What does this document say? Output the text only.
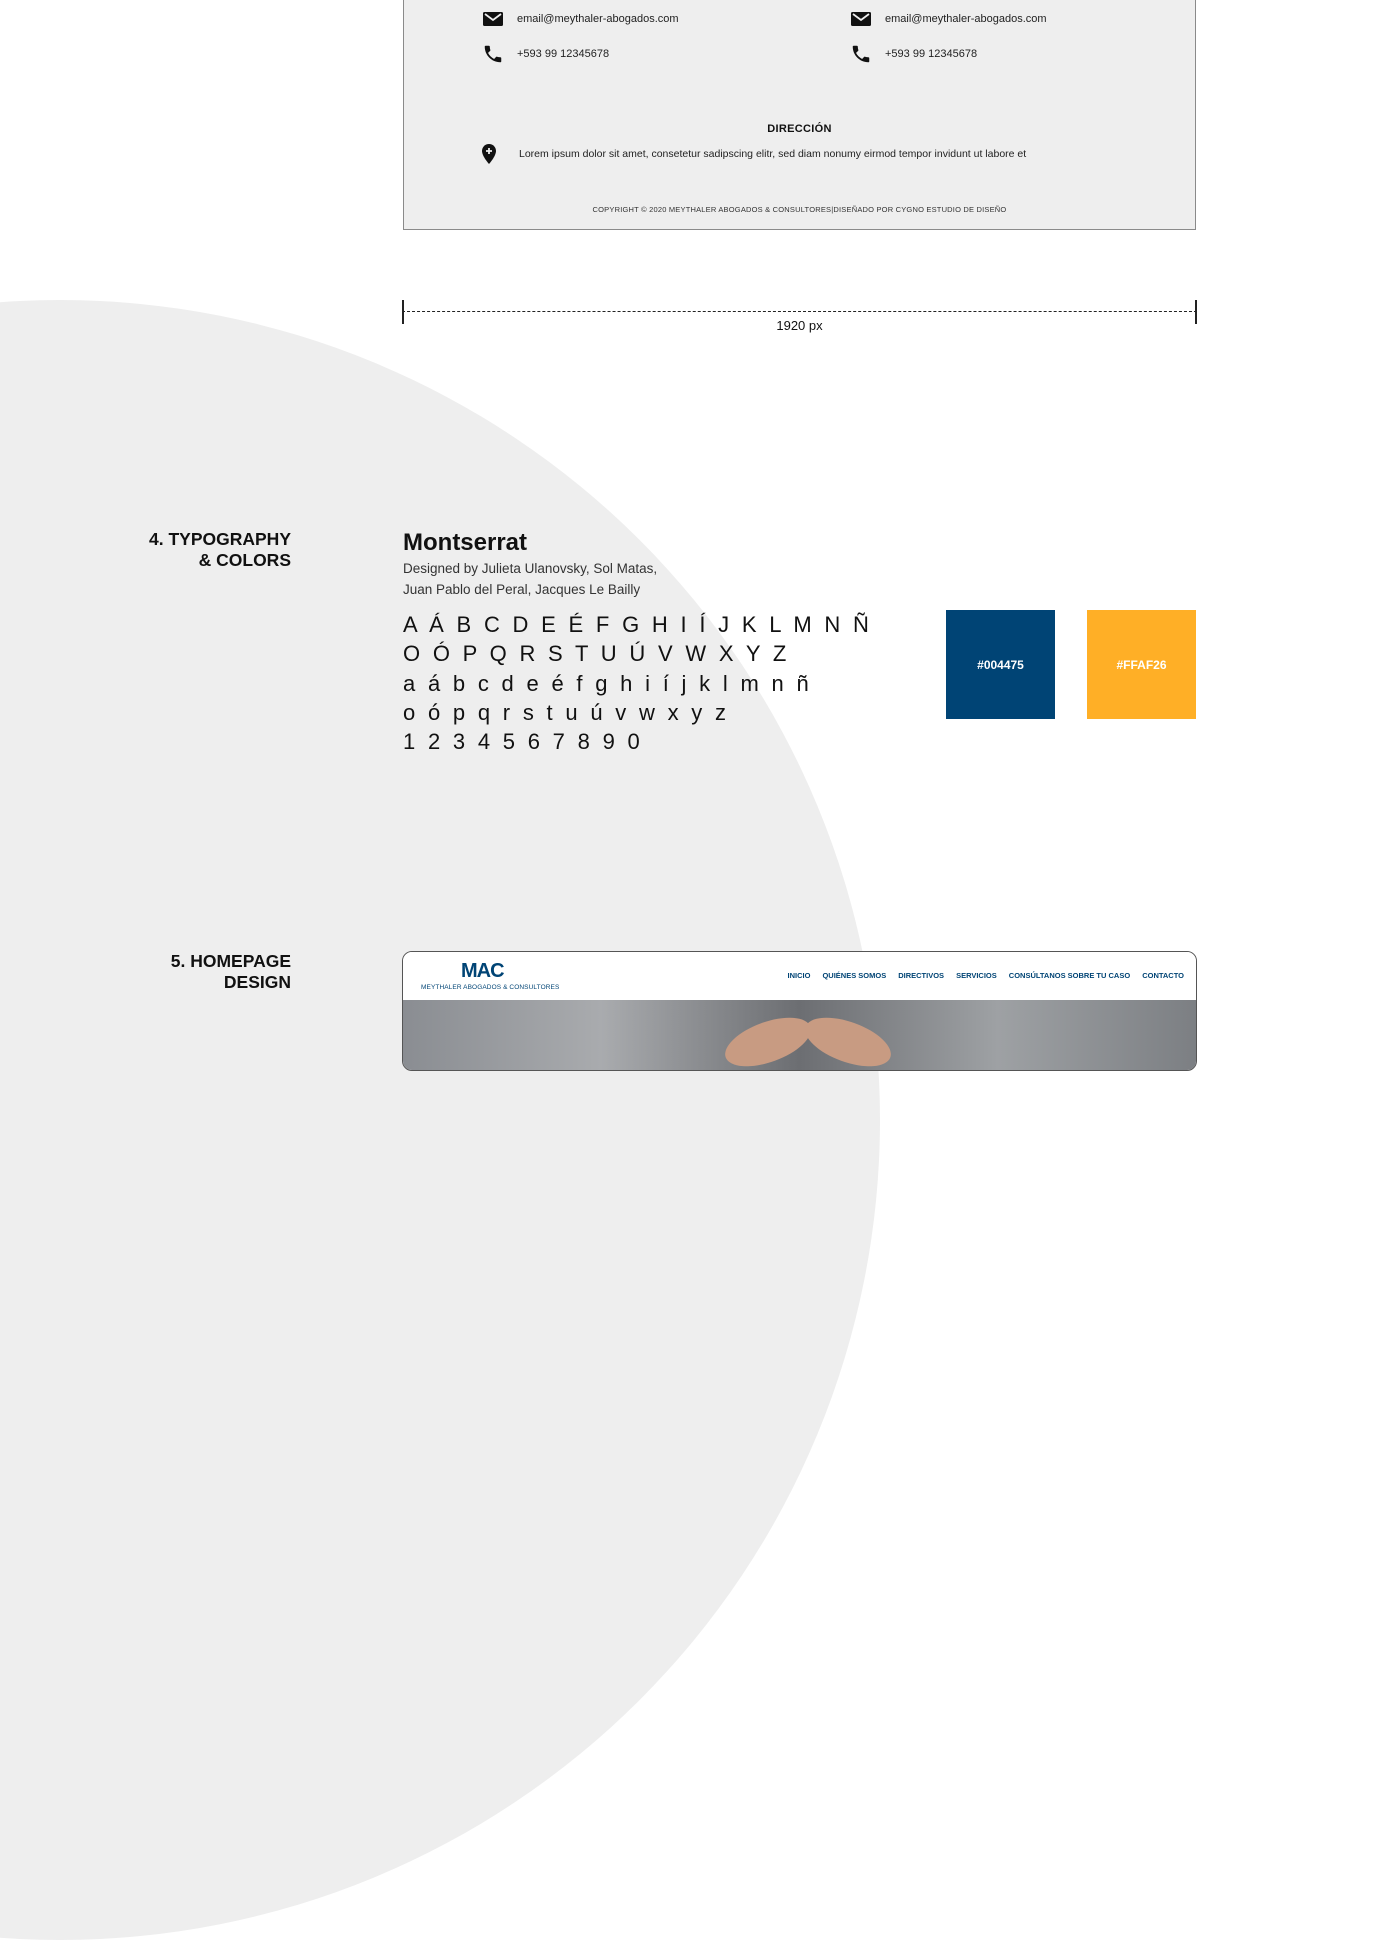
email@meythaler-abogados.com
+593 99 12345678
email@meythaler-abogados.com
+593 99 12345678
DIRECCIÓN
Lorem ipsum dolor sit amet, consetetur sadipscing elitr, sed diam nonumy eirmod tempor invidunt ut labore et
COPYRIGHT © 2020 MEYTHALER ABOGADOS & CONSULTORES|DISEÑADO POR CYGNO ESTUDIO DE DISEÑO
1920 px
4. TYPOGRAPHY
& COLORS
Montserrat
Designed by Julieta Ulanovsky, Sol Matas,
Juan Pablo del Peral, Jacques Le Bailly
A Á B C D E É F G H I Í J K L M N Ñ
O Ó P Q R S T U Ú V W X Y Z
a á b c d e é f g h i í j k l m n ñ
o ó p q r s t u ú v w x y z
1 2 3 4 5 6 7 8 9 0
#004475	#FFAF26
5. HOMEPAGE
DESIGN	MAC
MEYTHALER ABOGADOS & CONSULTORES
INICIO QUIÉNES SOMOS DIRECTIVOS SERVICIOS CONSÚLTANOS SOBRE TU CASO CONTACTO
